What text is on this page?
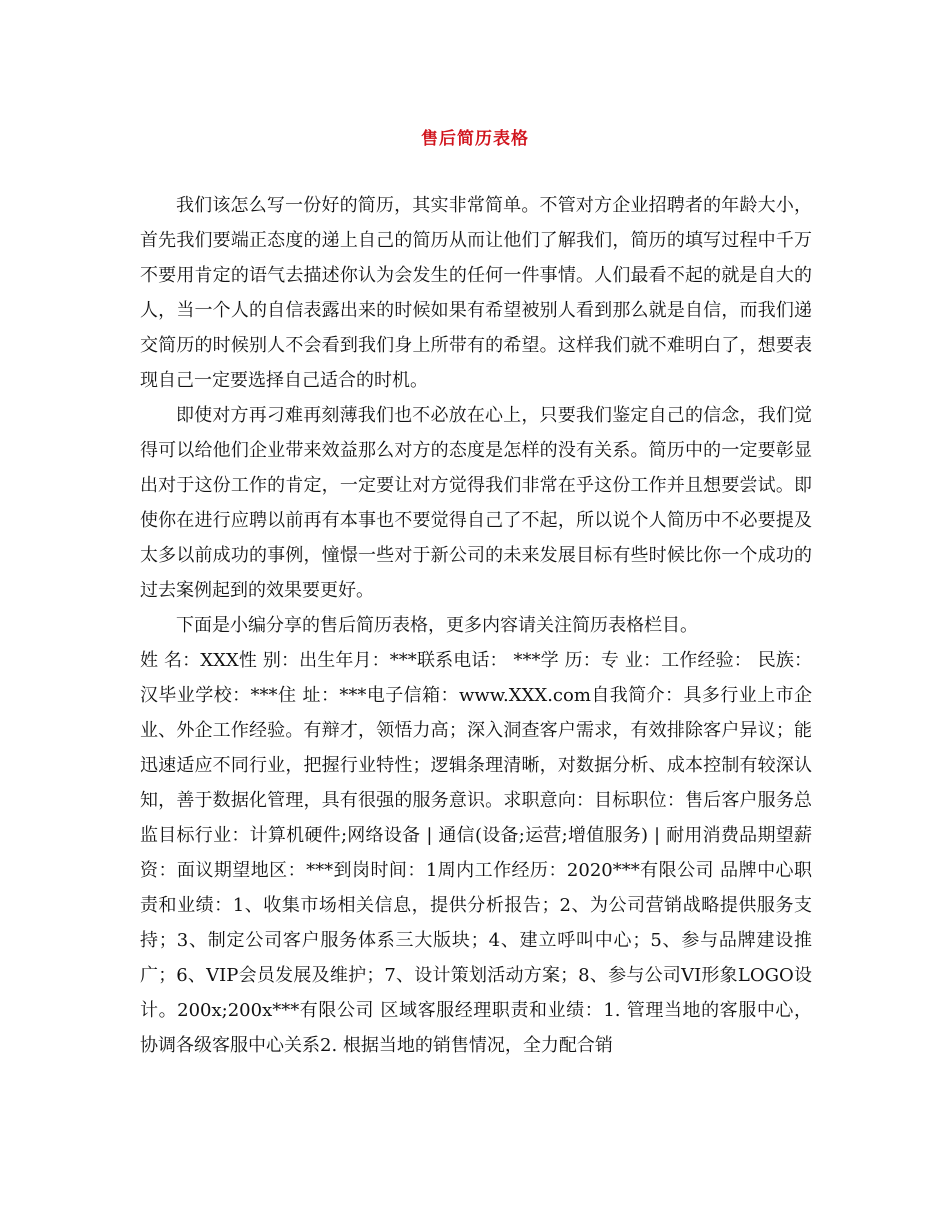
售后简历表格

我们该怎么写一份好的简历，其实非常简单。不管对方企业招聘者的年龄大小，首先我们要端正态度的递上自己的简历从而让他们了解我们，简历的填写过程中千万不要用肯定的语气去描述你认为会发生的任何一件事情。人们最看不起的就是自大的人，当一个人的自信表露出来的时候如果有希望被别人看到那么就是自信，而我们递交简历的时候别人不会看到我们身上所带有的希望。这样我们就不难明白了，想要表现自己一定要选择自己适合的时机。

即使对方再刁难再刻薄我们也不必放在心上，只要我们鉴定自己的信念，我们觉得可以给他们企业带来效益那么对方的态度是怎样的没有关系。简历中的一定要彰显出对于这份工作的肯定，一定要让对方觉得我们非常在乎这份工作并且想要尝试。即使你在进行应聘以前再有本事也不要觉得自己了不起，所以说个人简历中不必要提及太多以前成功的事例，憧憬一些对于新公司的未来发展目标有些时候比你一个成功的过去案例起到的效果要更好。

下面是小编分享的售后简历表格，更多内容请关注简历表格栏目。

姓 名：XXX性 别：出生年月：***联系电话： ***学 历：专 业：工作经验： 民族：汉毕业学校：***住 址：***电子信箱：www.XXX.com自我简介：具多行业上市企业、外企工作经验。有辩才，领悟力高；深入洞查客户需求，有效排除客户异议；能迅速适应不同行业，把握行业特性；逻辑条理清晰，对数据分析、成本控制有较深认知，善于数据化管理，具有很强的服务意识。求职意向：目标职位：售后客户服务总监目标行业：计算机硬件;网络设备 | 通信(设备;运营;增值服务) | 耐用消费品期望薪资：面议期望地区：***到岗时间：1周内工作经历：2020***有限公司 品牌中心职责和业绩：1、收集市场相关信息，提供分析报告；2、为公司营销战略提供服务支持；3、制定公司客户服务体系三大版块；4、建立呼叫中心；5、参与品牌建设推广；6、VIP会员发展及维护；7、设计策划活动方案；8、参与公司VI形象LOGO设计。200x;200x***有限公司 区域客服经理职责和业绩：1. 管理当地的客服中心，协调各级客服中心关系2. 根据当地的销售情况，全力配合销
